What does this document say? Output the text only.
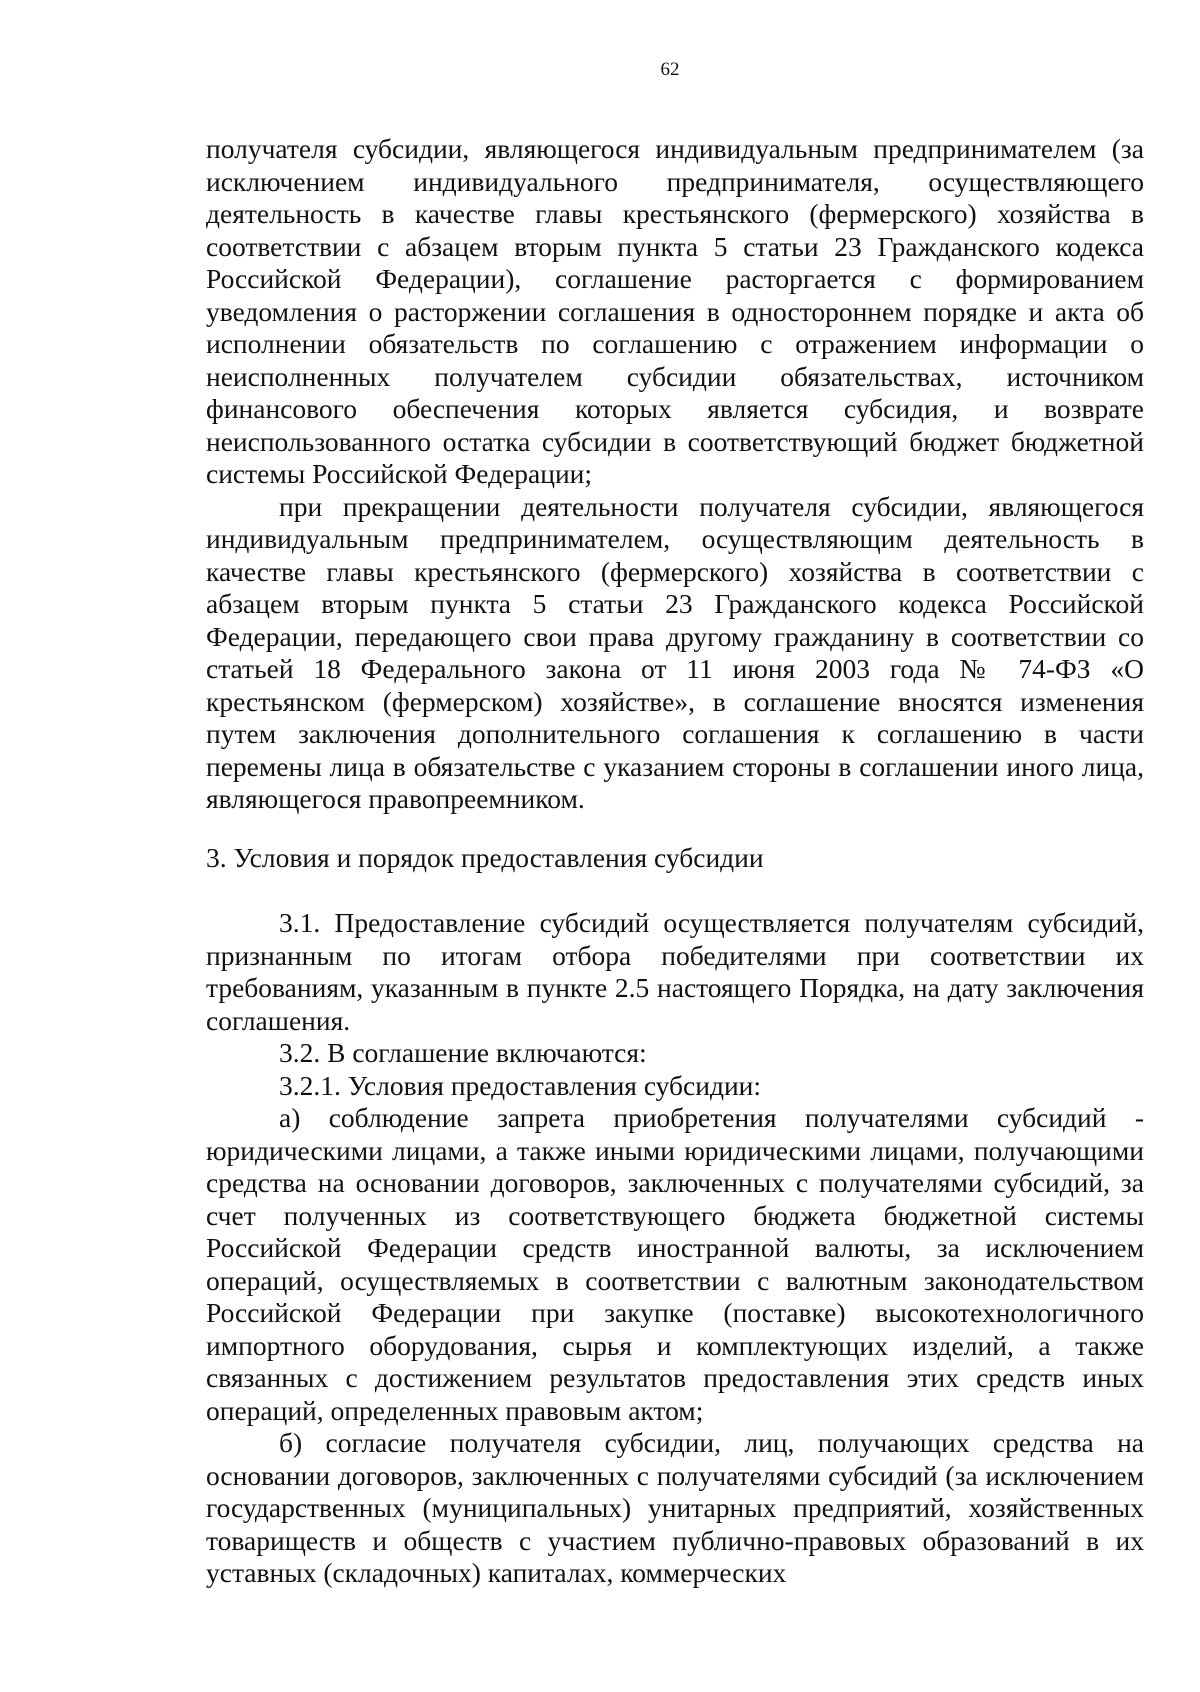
62

получателя субсидии, являющегося индивидуальным предпринимателем (за исключением индивидуального предпринимателя, осуществляющего деятельность в качестве главы крестьянского (фермерского) хозяйства в соответствии с абзацем вторым пункта 5 статьи 23 Гражданского кодекса Российской Федерации), соглашение расторгается с формированием уведомления о расторжении соглашения в одностороннем порядке и акта об исполнении обязательств по соглашению с отражением информации о неисполненных получателем субсидии обязательствах, источником финансового обеспечения которых является субсидия, и возврате неиспользованного остатка субсидии в соответствующий бюджет бюджетной системы Российской Федерации;

при прекращении деятельности получателя субсидии, являющегося индивидуальным предпринимателем, осуществляющим деятельность в качестве главы крестьянского (фермерского) хозяйства в соответствии с абзацем вторым пункта 5 статьи 23 Гражданского кодекса Российской Федерации, передающего свои права другому гражданину в соответствии со статьей 18 Федерального закона от 11 июня 2003 года № 74-ФЗ «О крестьянском (фермерском) хозяйстве», в соглашение вносятся изменения путем заключения дополнительного соглашения к соглашению в части перемены лица в обязательстве с указанием стороны в соглашении иного лица, являющегося правопреемником.

3. Условия и порядок предоставления субсидии

3.1. Предоставление субсидий осуществляется получателям субсидий, признанным по итогам отбора победителями при соответствии их требованиям, указанным в пункте 2.5 настоящего Порядка, на дату заключения соглашения.

3.2. В соглашение включаются:

3.2.1. Условия предоставления субсидии:

а) соблюдение запрета приобретения получателями субсидий - юридическими лицами, а также иными юридическими лицами, получающими средства на основании договоров, заключенных с получателями субсидий, за счет полученных из соответствующего бюджета бюджетной системы Российской Федерации средств иностранной валюты, за исключением операций, осуществляемых в соответствии с валютным законодательством Российской Федерации при закупке (поставке) высокотехнологичного импортного оборудования, сырья и комплектующих изделий, а также связанных с достижением результатов предоставления этих средств иных операций, определенных правовым актом;

б) согласие получателя субсидии, лиц, получающих средства на основании договоров, заключенных с получателями субсидий (за исключением государственных (муниципальных) унитарных предприятий, хозяйственных товариществ и обществ с участием публично-правовых образований в их уставных (складочных) капиталах, коммерческих
